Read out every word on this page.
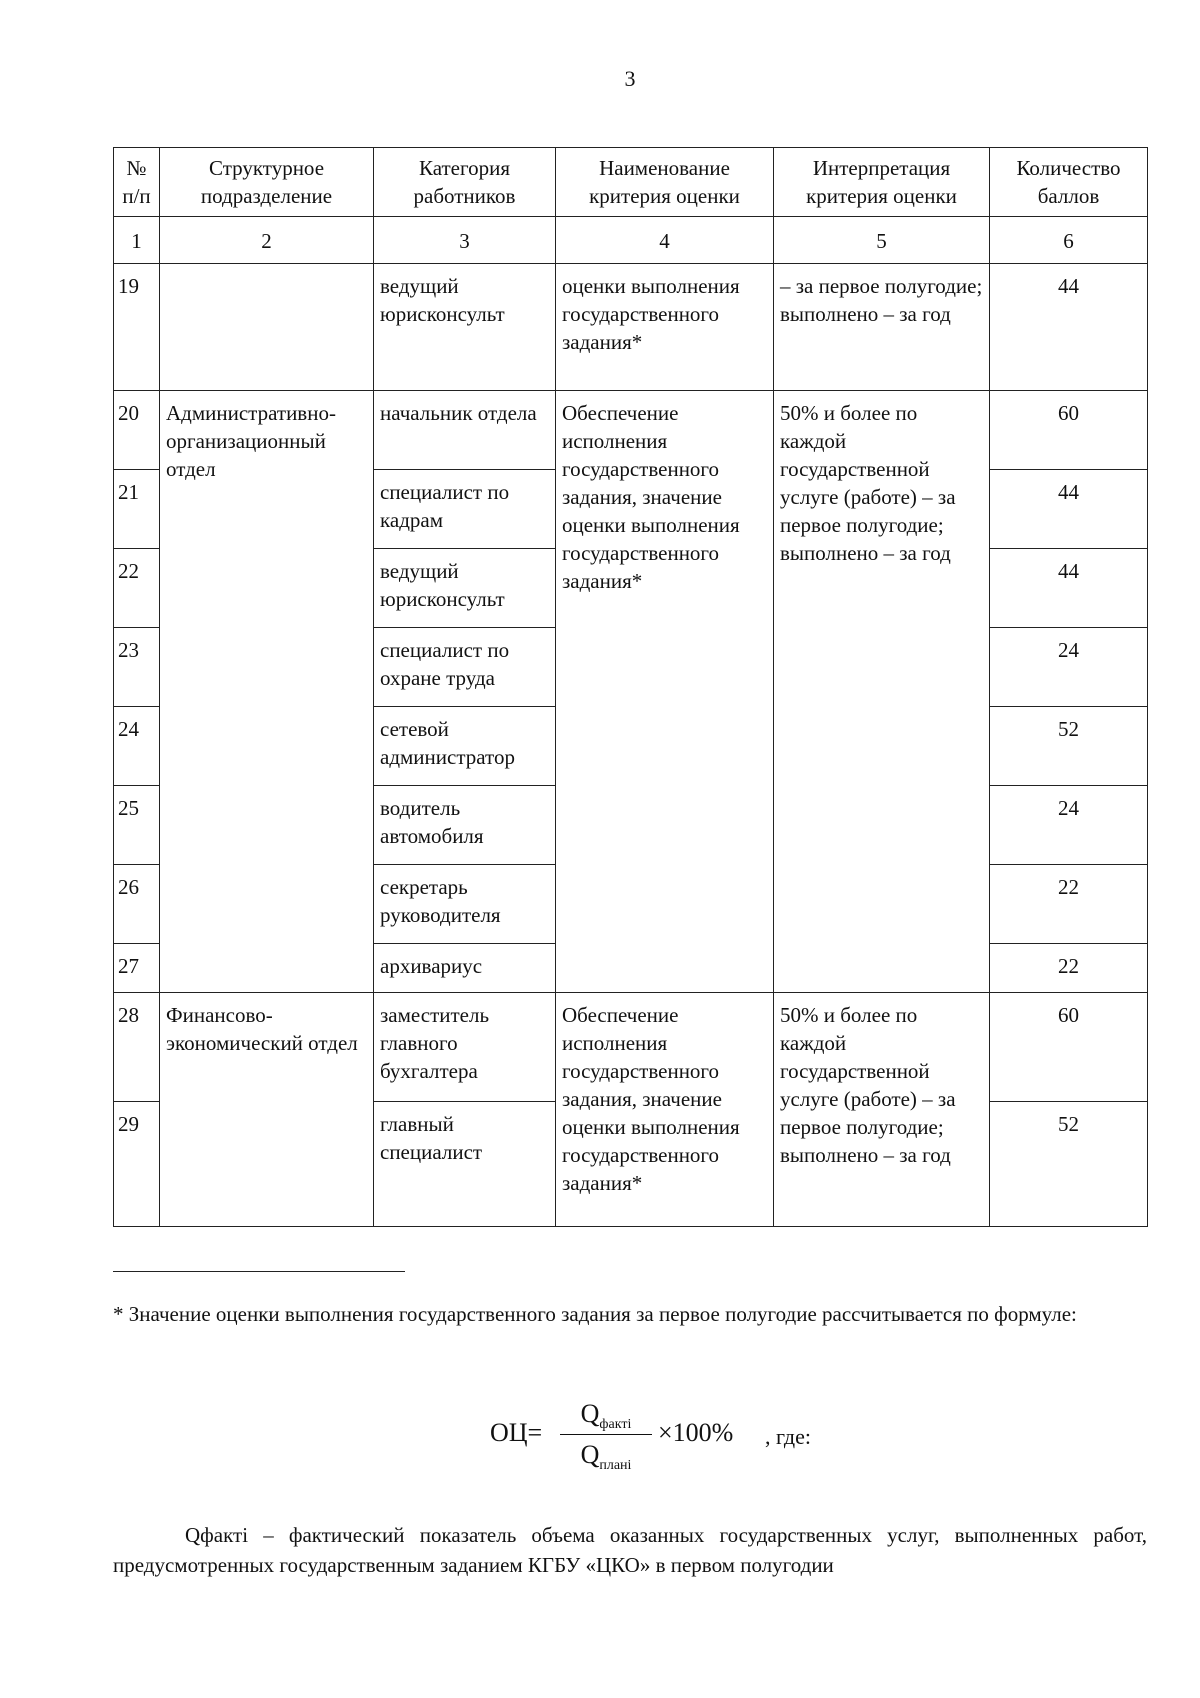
3
№ п/п	Структурное подразделение	Категория работников	Наименование критерия оценки	Интерпретация критерия оценки	Количество баллов
1	2	3	4	5	6
19		ведущий юрисконсульт	оценки выполнения государственного задания*	– за первое полугодие; выполнено – за год	44
20	Административно-организационный отдел	начальник отдела	Обеспечение исполнения государственного задания, значение оценки выполнения государственного задания*	50% и более по каждой государственной услуге (работе) – за первое полугодие; выполнено – за год	60
21		специалист по кадрам			44
22		ведущий юрисконсульт			44
23		специалист по охране труда			24
24		сетевой администратор			52
25		водитель автомобиля			24
26		секретарь руководителя			22
27		архивариус			22
28	Финансово-экономический отдел	заместитель главного бухгалтера	Обеспечение исполнения государственного задания, значение оценки выполнения государственного задания*	50% и более по каждой государственной услуге (работе) – за первое полугодие; выполнено – за год	60
29		главный специалист			52
* Значение оценки выполнения государственного задания за первое полугодие рассчитывается по формуле:
ОЦ=
$Q_{факті}$
$Q_{плані}$
×100% , где:
Qфакті – фактический показатель объема оказанных государственных услуг, выполненных работ, предусмотренных государственным заданием КГБУ «ЦКО» в первом полугодии
